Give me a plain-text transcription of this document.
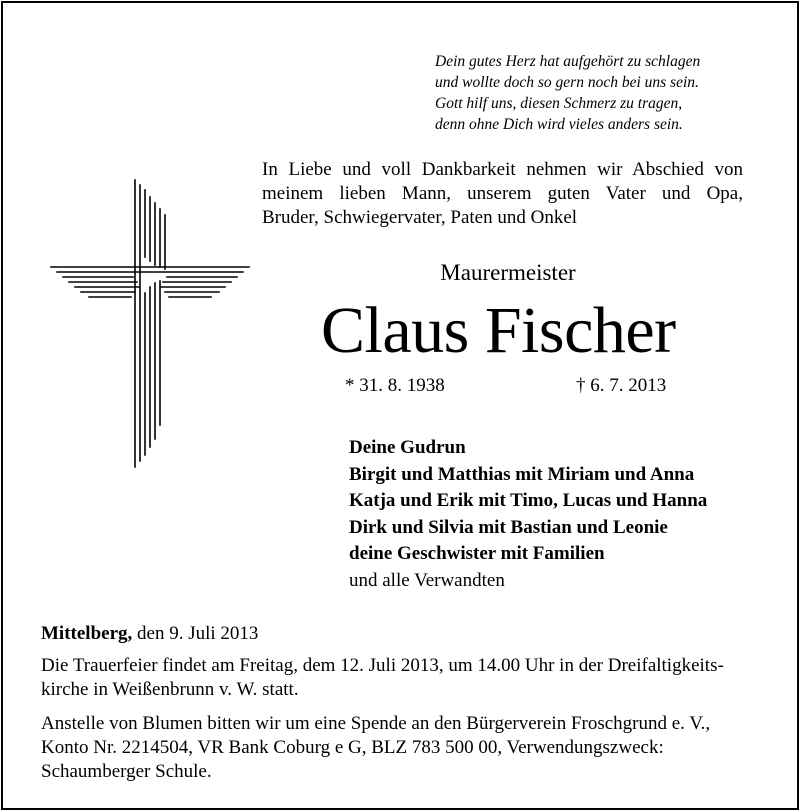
Dein gutes Herz hat aufgehört zu schlagen
und wollte doch so gern noch bei uns sein.
Gott hilf uns, diesen Schmerz zu tragen,
denn ohne Dich wird vieles anders sein.
In Liebe und voll Dankbarkeit nehmen wir Abschied von
meinem lieben Mann, unserem guten Vater und Opa,
Bruder, Schwiegervater, Paten und Onkel
Maurermeister
Claus Fischer
* 31. 8. 1938	† 6. 7. 2013
Deine Gudrun
Birgit und Matthias mit Miriam und Anna
Katja und Erik mit Timo, Lucas und Hanna
Dirk und Silvia mit Bastian und Leonie
deine Geschwister mit Familien
und alle Verwandten
Mittelberg, den 9. Juli 2013
Die Trauerfeier findet am Freitag, dem 12. Juli 2013, um 14.00 Uhr in der Dreifaltigkeits-
kirche in Weißenbrunn v. W. statt.
Anstelle von Blumen bitten wir um eine Spende an den Bürgerverein Froschgrund e. V.,
Konto Nr. 2214504, VR Bank Coburg e G, BLZ 783 500 00, Verwendungszweck:
Schaumberger Schule.
